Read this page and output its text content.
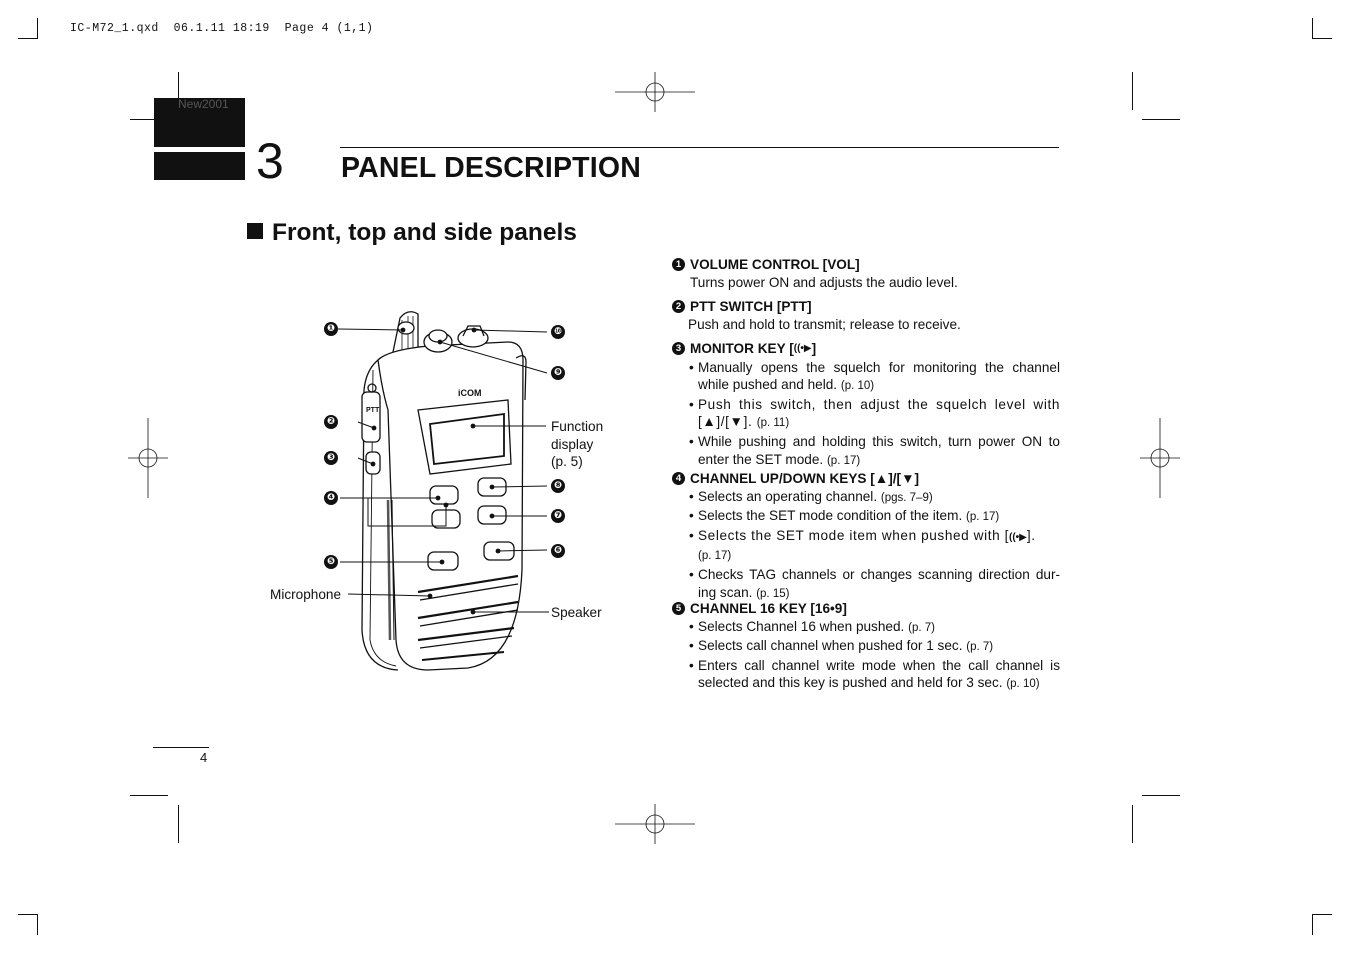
IC-M72_1.qxd  06.1.11 18:19  Page 4 (1,1)
New2001
3 PANEL DESCRIPTION
Front, top and side panels
PTT
iCOM
❶
❷
❸
❹
❺
❻
❼
❽
❾
❿
Function
display
(p. 5)
Microphone
Speaker
1 VOLUME CONTROL [VOL]
Turns power ON and adjusts the audio level.
2 PTT SWITCH [PTT]
Push and hold to transmit; release to receive.
3 MONITOR KEY [ ((•▶ ]
• Manually opens the squelch for monitoring the channel while pushed and held. (p. 10)
• Push this switch, then adjust the squelch level with [▲]/[▼]. (p. 11)
• While pushing and holding this switch, turn power ON to enter the SET mode. (p. 17)
4 CHANNEL UP/DOWN KEYS [▲]/[▼]
• Selects an operating channel. (pgs. 7–9)
• Selects the SET mode condition of the item. (p. 17)
• Selects the SET mode item when pushed with [((•▶].
(p. 17)
• Checks TAG channels or changes scanning direction dur-ing scan. (p. 15)
5 CHANNEL 16 KEY [16•9]
• Selects Channel 16 when pushed. (p. 7)
• Selects call channel when pushed for 1 sec. (p. 7)
• Enters call channel write mode when the call channel is selected and this key is pushed and held for 3 sec. (p. 10)
4
